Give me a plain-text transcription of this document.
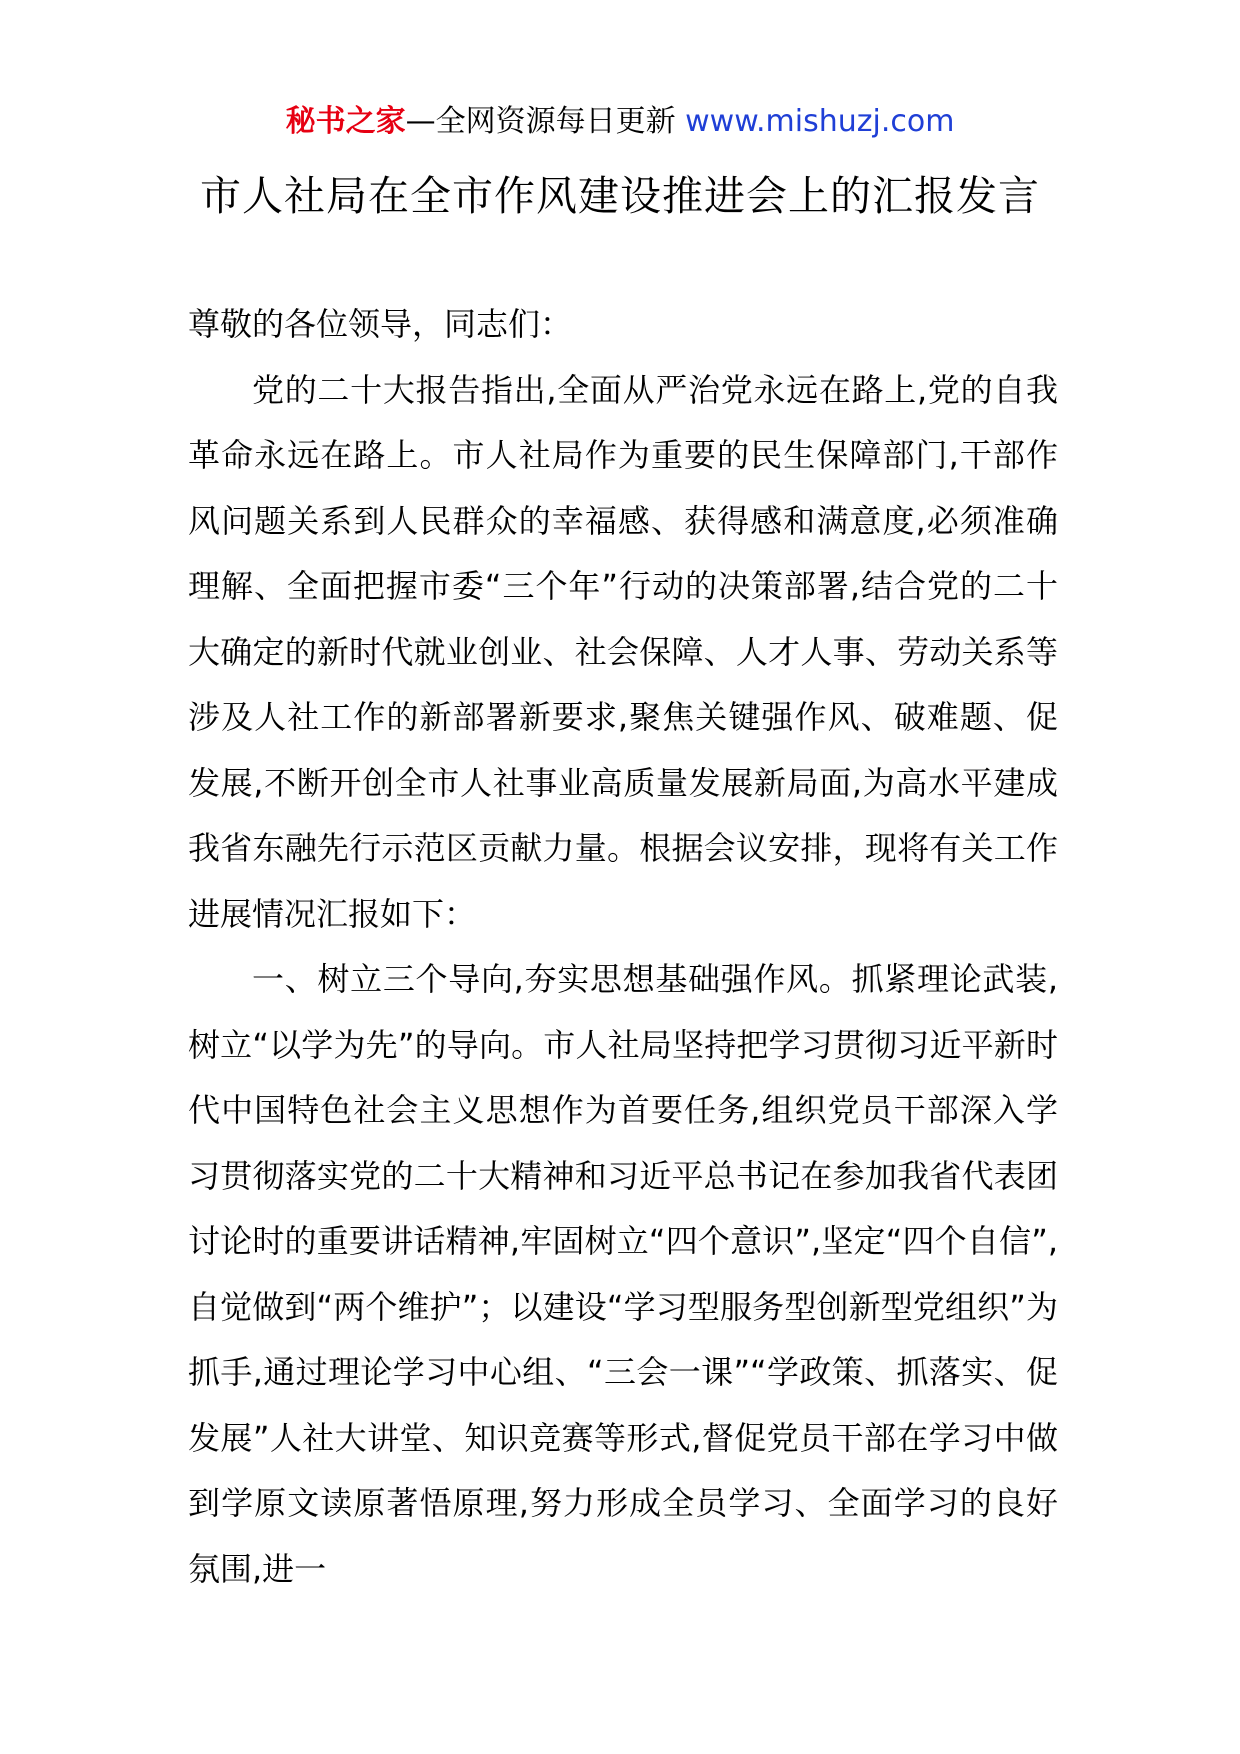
秘书之家—全网资源每日更新 www.mishuzj.com
市人社局在全市作风建设推进会上的汇报发言

尊敬的各位领导，同志们：

党的二十大报告指出,全面从严治党永远在路上,党的自我革命永远在路上。市人社局作为重要的民生保障部门,干部作风问题关系到人民群众的幸福感、获得感和满意度,必须准确理解、全面把握市委“三个年”行动的决策部署,结合党的二十大确定的新时代就业创业、社会保障、人才人事、劳动关系等涉及人社工作的新部署新要求,聚焦关键强作风、破难题、促发展,不断开创全市人社事业高质量发展新局面,为高水平建成我省东融先行示范区贡献力量。根据会议安排，现将有关工作进展情况汇报如下：

一、树立三个导向,夯实思想基础强作风。抓紧理论武装,树立“以学为先”的导向。市人社局坚持把学习贯彻习近平新时代中国特色社会主义思想作为首要任务,组织党员干部深入学习贯彻落实党的二十大精神和习近平总书记在参加我省代表团讨论时的重要讲话精神,牢固树立“四个意识”,坚定“四个自信”,自觉做到“两个维护”；以建设“学习型服务型创新型党组织”为抓手,通过理论学习中心组、“三会一课”“学政策、抓落实、促发展”人社大讲堂、知识竞赛等形式,督促党员干部在学习中做到学原文读原著悟原理,努力形成全员学习、全面学习的良好氛围,进一
